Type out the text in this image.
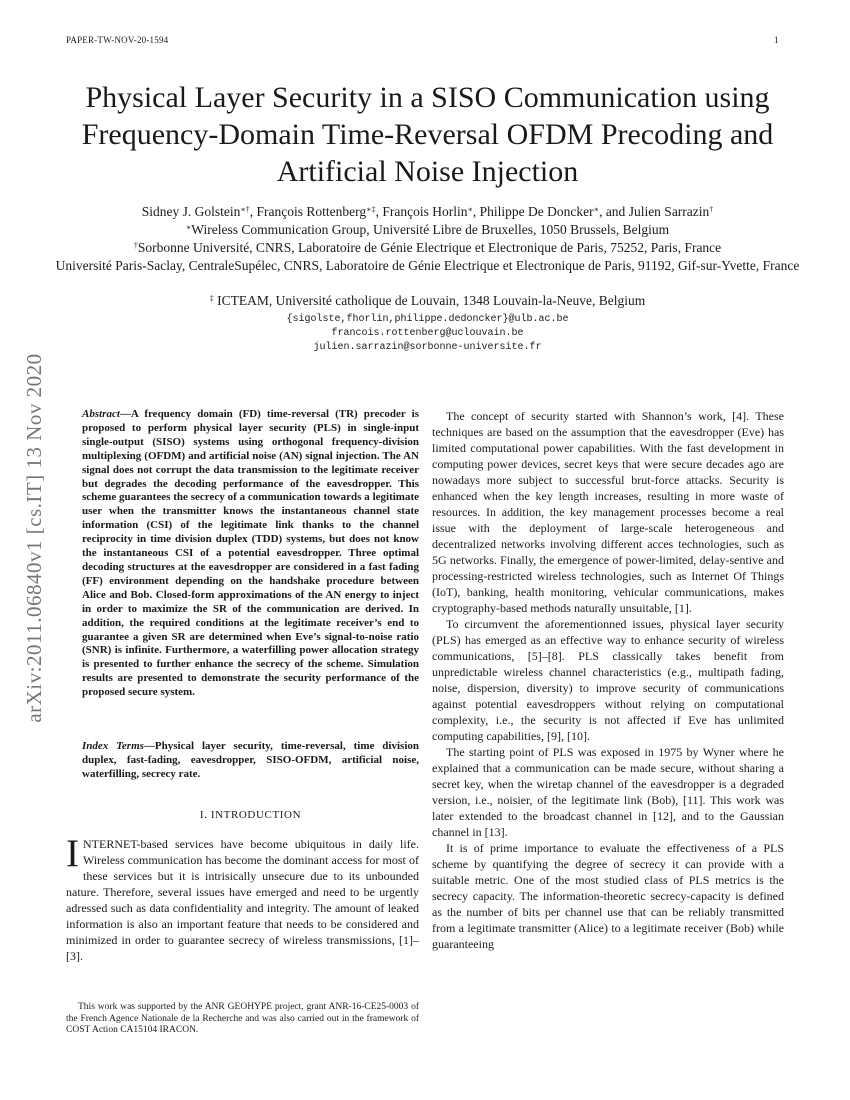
PAPER-TW-NOV-20-1594	1
Physical Layer Security in a SISO Communication using Frequency-Domain Time-Reversal OFDM Precoding and Artificial Noise Injection
Sidney J. Golstein∗†, François Rottenberg∗‡, François Horlin∗, Philippe De Doncker∗, and Julien Sarrazin†
∗Wireless Communication Group, Université Libre de Bruxelles, 1050 Brussels, Belgium
†Sorbonne Université, CNRS, Laboratoire de Génie Electrique et Electronique de Paris, 75252, Paris, France
Université Paris-Saclay, CentraleSupélec, CNRS, Laboratoire de Génie Electrique et Electronique de Paris, 91192, Gif-sur-Yvette, France
‡ ICTEAM, Université catholique de Louvain, 1348 Louvain-la-Neuve, Belgium
{sigolste,fhorlin,philippe.dedoncker}@ulb.ac.be
francois.rottenberg@uclouvain.be
julien.sarrazin@sorbonne-universite.fr
arXiv:2011.06840v1 [cs.IT] 13 Nov 2020	Abstract—A frequency domain (FD) time-reversal (TR) precoder is proposed to perform physical layer security (PLS) in single-input single-output (SISO) systems using orthogonal frequency-division multiplexing (OFDM) and artificial noise (AN) signal injection. The AN signal does not corrupt the data transmission to the legitimate receiver but degrades the decoding performance of the eavesdropper. This scheme guarantees the secrecy of a communication towards a legitimate user when the transmitter knows the instantaneous channel state information (CSI) of the legitimate link thanks to the channel reciprocity in time division duplex (TDD) systems, but does not know the instantaneous CSI of a potential eavesdropper. Three optimal decoding structures at the eavesdropper are considered in a fast fading (FF) environment depending on the handshake procedure between Alice and Bob. Closed-form approximations of the AN energy to inject in order to maximize the SR of the communication are derived. In addition, the required conditions at the legitimate receiver’s end to guarantee a given SR are determined when Eve’s signal-to-noise ratio (SNR) is infinite. Furthermore, a waterfilling power allocation strategy is presented to further enhance the secrecy of the scheme. Simulation results are presented to demonstrate the security performance of the proposed secure system.
Index Terms—Physical layer security, time-reversal, time division duplex, fast-fading, eavesdropper, SISO-OFDM, artificial noise, waterfilling, secrecy rate.
I. INTRODUCTION
INTERNET-based services have become ubiquitous in daily life. Wireless communication has become the dominant access for most of these services but it is intrisically unsecure due to its unbounded nature. Therefore, several issues have emerged and need to be urgently adressed such as data confidentiality and integrity. The amount of leaked information is also an important feature that needs to be considered and minimized in order to guarantee secrecy of wireless transmissions, [1]–[3].
This work was supported by the ANR GEOHYPE project, grant ANR-16-CE25-0003 of the French Agence Nationale de la Recherche and was also carried out in the framework of COST Action CA15104 IRACON.

The concept of security started with Shannon’s work, [4]. These techniques are based on the assumption that the eavesdropper (Eve) has limited computational power capabilities. With the fast development in computing power devices, secret keys that were secure decades ago are nowadays more subject to successful brut-force attacks. Security is enhanced when the key length increases, resulting in more waste of resources. In addition, the key management processes become a real issue with the deployment of large-scale heterogeneous and decentralized networks involving different acces technologies, such as 5G networks. Finally, the emergence of power-limited, delay-sentive and processing-restricted wireless technologies, such as Internet Of Things (IoT), banking, health monitoring, vehicular communications, makes cryptography-based methods naturally unsuitable, [1].

To circumvent the aforementionned issues, physical layer security (PLS) has emerged as an effective way to enhance security of wireless communications, [5]–[8]. PLS classically takes benefit from unpredictable wireless channel characteristics (e.g., multipath fading, noise, dispersion, diversity) to improve security of communications against potential eavesdroppers without relying on computational complexity, i.e., the security is not affected if Eve has unlimited computing capabilities, [9], [10].

The starting point of PLS was exposed in 1975 by Wyner where he explained that a communication can be made secure, without sharing a secret key, when the wiretap channel of the eavesdropper is a degraded version, i.e., noisier, of the legitimate link (Bob), [11]. This work was later extended to the broadcast channel in [12], and to the Gaussian channel in [13].

It is of prime importance to evaluate the effectiveness of a PLS scheme by quantifying the degree of secrecy it can provide with a suitable metric. One of the most studied class of PLS metrics is the secrecy capacity. The information-theoretic secrecy-capacity is defined as the number of bits per channel use that can be reliably transmitted from a legitimate transmitter (Alice) to a legitimate receiver (Bob) while guaranteeing
